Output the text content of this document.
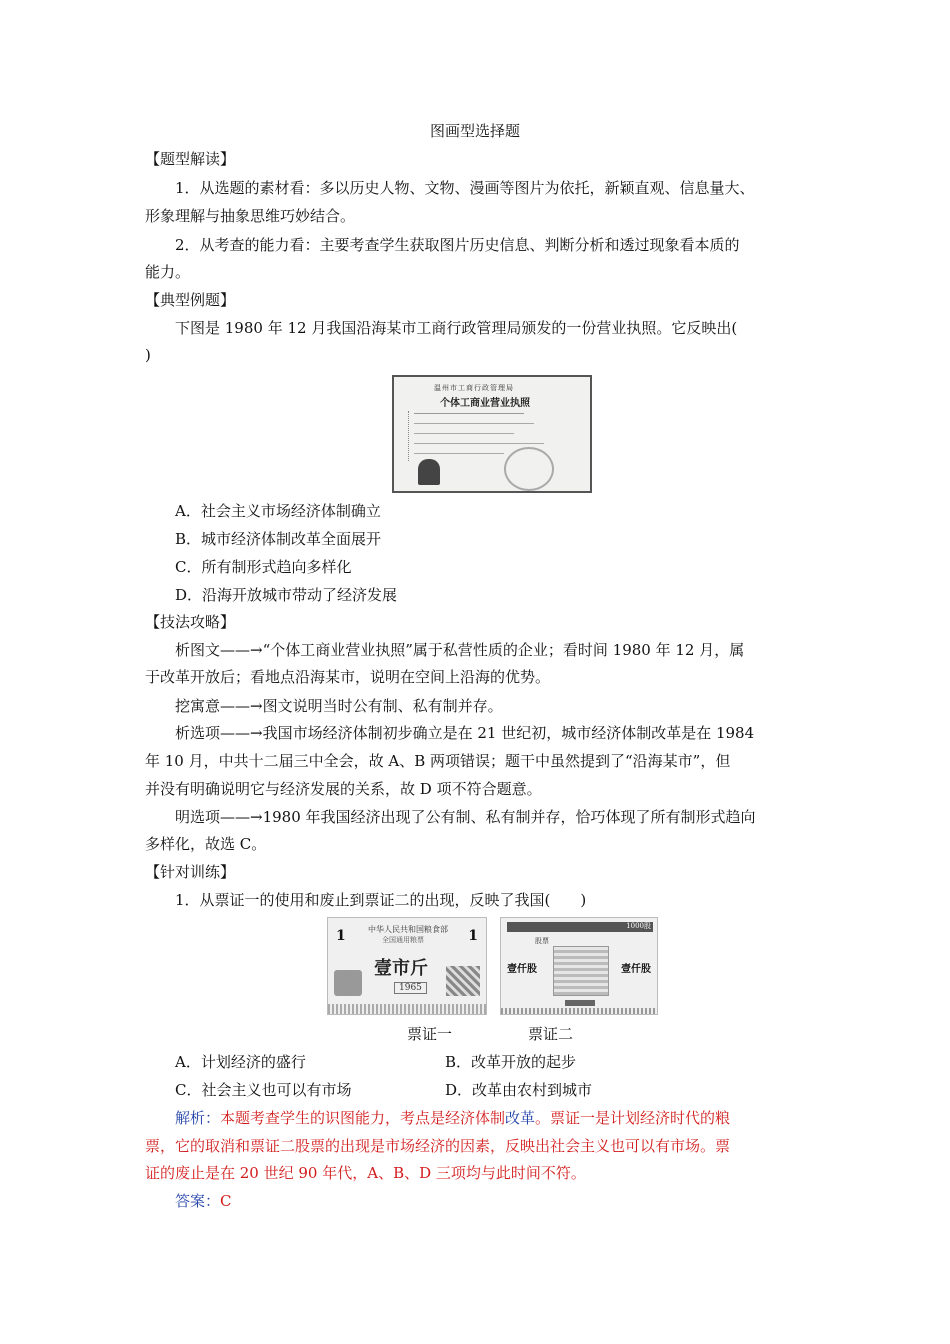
图画型选择题
【题型解读】
1．从选题的素材看：多以历史人物、文物、漫画等图片为依托，新颖直观、信息量大、
形象理解与抽象思维巧妙结合。
2．从考查的能力看：主要考查学生获取图片历史信息、判断分析和透过现象看本质的
能力。
【典型例题】
下图是 1980 年 12 月我国沿海某市工商行政管理局颁发的一份营业执照。它反映出(
)
温州市工商行政管理局
个体工商业营业执照
A．社会主义市场经济体制确立
B．城市经济体制改革全面展开
C．所有制形式趋向多样化
D．沿海开放城市带动了经济发展
【技法攻略】
析图文——→“个体工商业营业执照”属于私营性质的企业；看时间 1980 年 12 月，属
于改革开放后；看地点沿海某市，说明在空间上沿海的优势。
挖寓意——→图文说明当时公有制、私有制并存。
析选项——→我国市场经济体制初步确立是在 21 世纪初，城市经济体制改革是在 1984
年 10 月，中共十二届三中全会，故 A、B 两项错误；题干中虽然提到了“沿海某市”，但
并没有明确说明它与经济发展的关系，故 D 项不符合题意。
明选项——→1980 年我国经济出现了公有制、私有制并存，恰巧体现了所有制形式趋向
多样化，故选 C。
【针对训练】
1．从票证一的使用和废止到票证二的出现，反映了我国(　　)
中华人民共和国粮食部
全国通用粮票
1	1
壹市斤
1965
1000股
股票
壹仟股	壹仟股
票证一	票证二
A．计划经济的盛行	B．改革开放的起步
C．社会主义也可以有市场	D．改革由农村到城市
解析：本题考查学生的识图能力，考点是经济体制改革。票证一是计划经济时代的粮
票，它的取消和票证二股票的出现是市场经济的因素，反映出社会主义也可以有市场。票
证的废止是在 20 世纪 90 年代，A、B、D 三项均与此时间不符。
答案：C
